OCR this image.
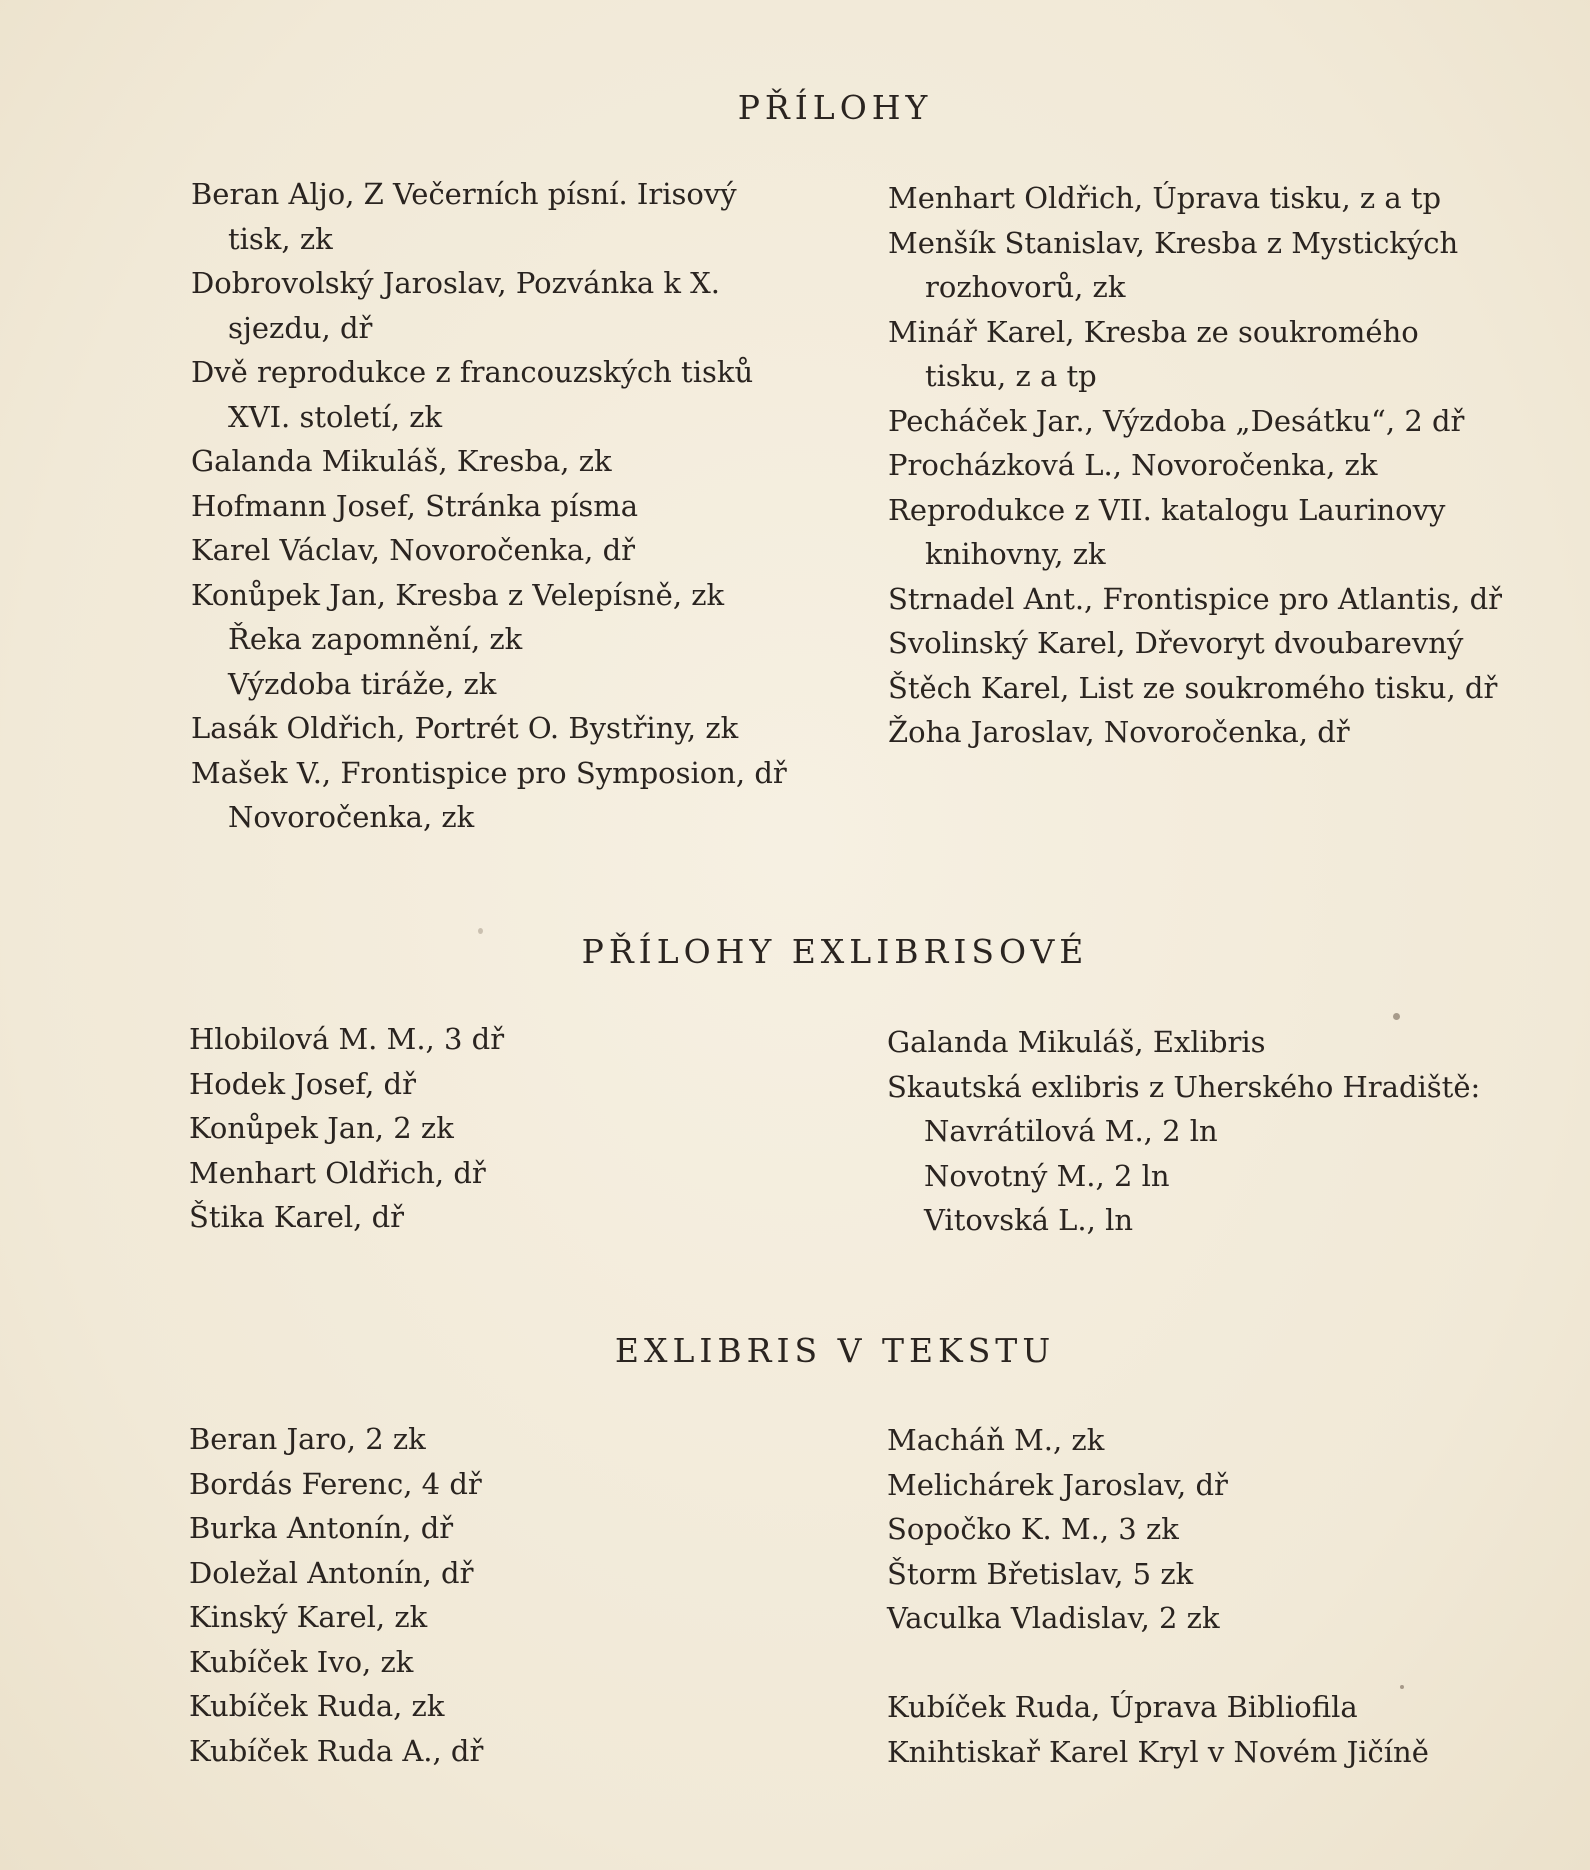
PŘÍLOHY
Beran Aljo, Z Večerních písní. Irisový
tisk, zk
Dobrovolský Jaroslav, Pozvánka k X.
sjezdu, dř
Dvě reprodukce z francouzských tisků
XVI. století, zk
Galanda Mikuláš, Kresba, zk
Hofmann Josef, Stránka písma
Karel Václav, Novoročenka, dř
Konůpek Jan, Kresba z Velepísně, zk
Řeka zapomnění, zk
Výzdoba tiráže, zk
Lasák Oldřich, Portrét O. Bystřiny, zk
Mašek V., Frontispice pro Symposion, dř
Novoročenka, zk
Menhart Oldřich, Úprava tisku, z a tp
Menšík Stanislav, Kresba z Mystických
rozhovorů, zk
Minář Karel, Kresba ze soukromého
tisku, z a tp
Pecháček Jar., Výzdoba „Desátku“, 2 dř
Procházková L., Novoročenka, zk
Reprodukce z VII. katalogu Laurinovy
knihovny, zk
Strnadel Ant., Frontispice pro Atlantis, dř
Svolinský Karel, Dřevoryt dvoubarevný
Štěch Karel, List ze soukromého tisku, dř
Žoha Jaroslav, Novoročenka, dř
PŘÍLOHY EXLIBRISOVÉ
Hlobilová M. M., 3 dř
Hodek Josef, dř
Konůpek Jan, 2 zk
Menhart Oldřich, dř
Štika Karel, dř
Galanda Mikuláš, Exlibris
Skautská exlibris z Uherského Hradiště:
Navrátilová M., 2 ln
Novotný M., 2 ln
Vitovská L., ln
EXLIBRIS V TEKSTU
Beran Jaro, 2 zk
Bordás Ferenc, 4 dř
Burka Antonín, dř
Doležal Antonín, dř
Kinský Karel, zk
Kubíček Ivo, zk
Kubíček Ruda, zk
Kubíček Ruda A., dř
Macháň M., zk
Melichárek Jaroslav, dř
Sopočko K. M., 3 zk
Štorm Břetislav, 5 zk
Vaculka Vladislav, 2 zk
Kubíček Ruda, Úprava Bibliofila
Knihtiskař Karel Kryl v Novém Jičíně
